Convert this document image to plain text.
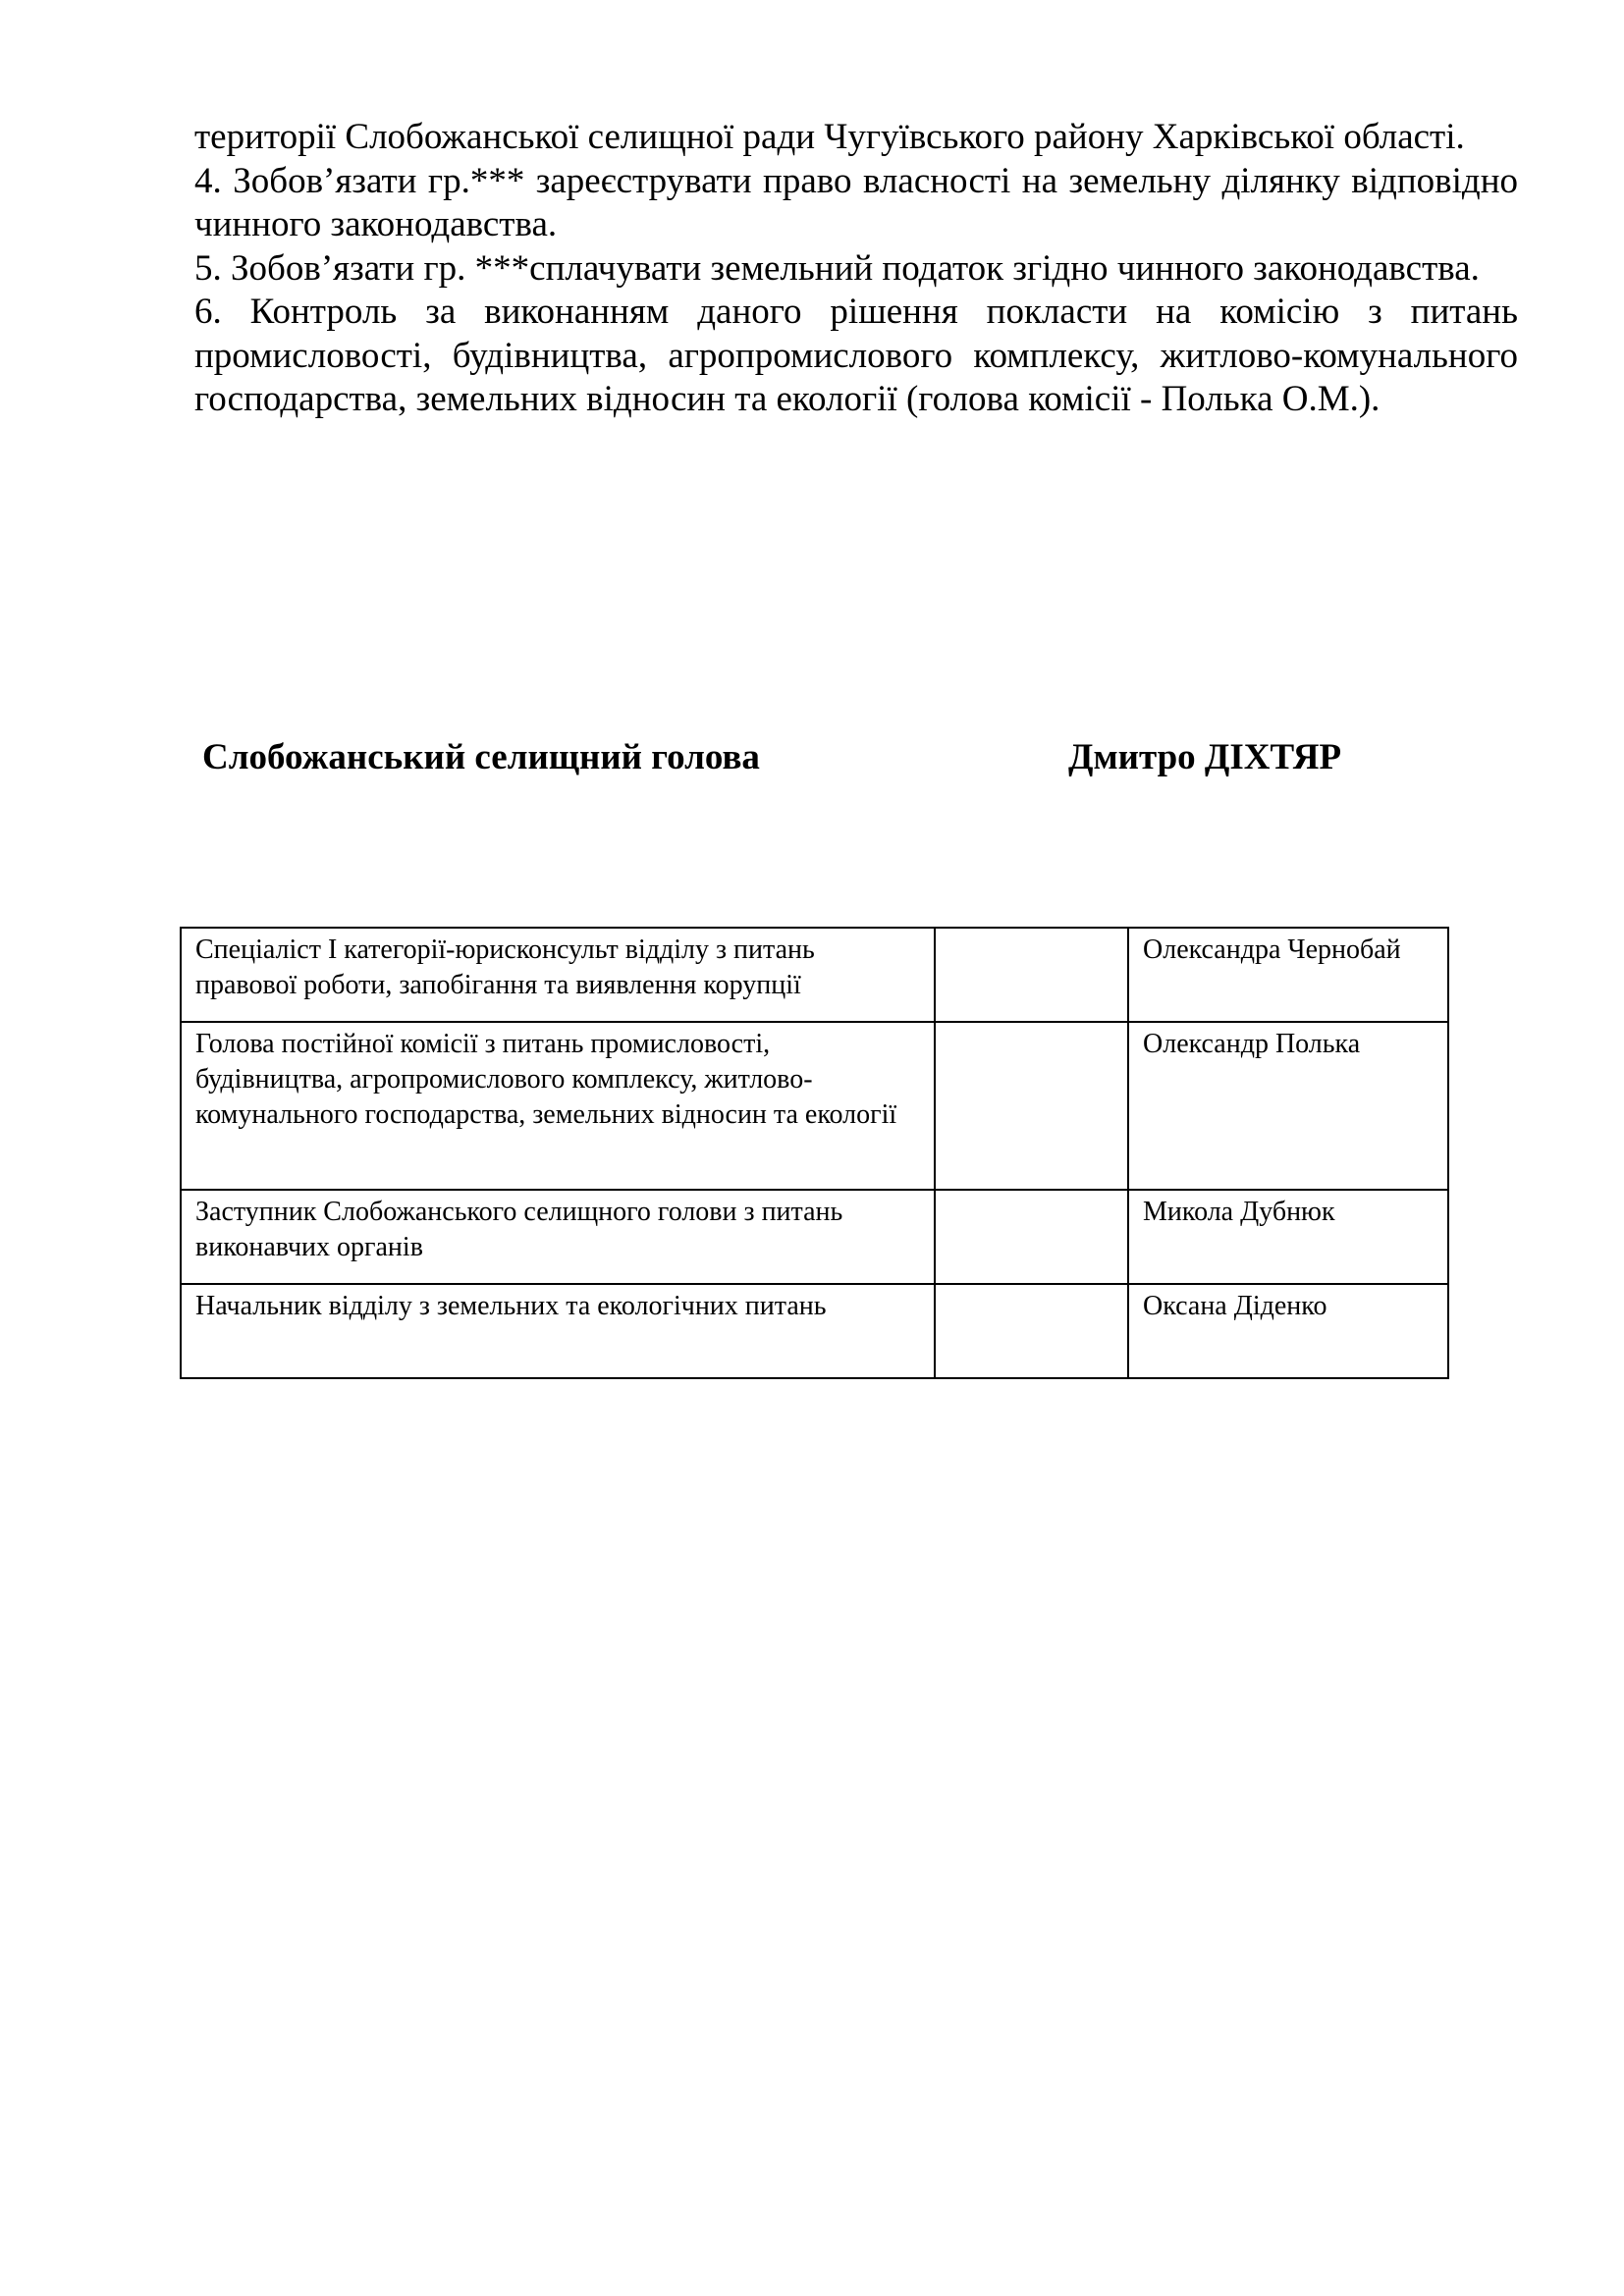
території Слобожанської селищної ради Чугуївського району Харківської області.

4. Зобов’язати гр.*** зареєструвати право власності на земельну ділянку відповідно чинного законодавства.

5. Зобов’язати гр. ***сплачувати земельний податок згідно чинного законодавства.

6. Контроль за виконанням даного рішення покласти на комісію з питань промисловості, будівництва, агропромислового комплексу, житлово-комунального господарства, земельних відносин та екології (голова комісії - Полька О.М.).

Слобожанський селищний голова	Дмитро ДІХТЯР
Спеціаліст І категорії-юрисконсульт відділу з питань правової роботи, запобігання та виявлення корупції		Олександра Чернобай
Голова постійної комісії з питань промисловості, будівництва, агропромислового комплексу, житлово-комунального господарства, земельних відносин та екології		Олександр Полька
Заступник Слобожанського селищного голови з питань виконавчих органів		Микола Дубнюк
Начальник відділу з земельних та екологічних питань		Оксана Діденко
